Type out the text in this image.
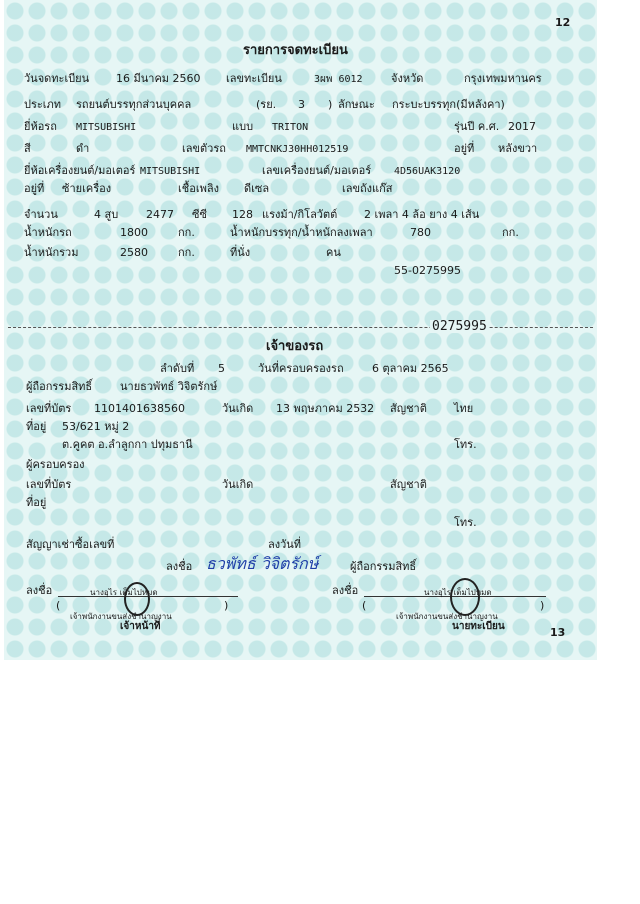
12
รายการจดทะเบียน
วันจดทะเบียน 16 มีนาคม 2560 เลขทะเบียน	3ผพ 6012	จังหวัด	กรุงเทพมหานคร
ประเภท รถยนต์บรรทุกส่วนบุคคล	(รย. 3 ) ลักษณะ กระบะบรรทุก(มีหลังคา)
ยี่ห้อรถ MITSUBISHI	แบบ TRITON	รุ่นปี ค.ศ. 2017
สี	ดำ	เลขตัวรถ MMTCNKJ30HH012519	อยู่ที่ หลังขวา
ยี่ห้อเครื่องยนต์/มอเตอร์ MITSUBISHI	เลขเครื่องยนต์/มอเตอร์ 4D56UAK3120
อยู่ที่ ซ้ายเครื่อง	เชื้อเพลิง ดีเซล	เลขถังแก๊ส
จำนวน	4 สูบ	2477 ซีซี 128 แรงม้า/กิโลวัตต์ 2 เพลา 4 ล้อ ยาง 4 เส้น
น้ำหนักรถ	1800	กก.	น้ำหนักบรรทุก/น้ำหนักลงเพลา	780	กก.
น้ำหนักรวม	2580	กก.	ที่นั่ง	คน
55-0275995
0275995
เจ้าของรถ
ลำดับที่ 5	วันที่ครอบครองรถ	6 ตุลาคม 2565
ผู้ถือกรรมสิทธิ์	นายธวพัทธ์ วิจิตรักษ์
เลขที่บัตร 1101401638560	วันเกิด 13 พฤษภาคม 2532 สัญชาติ ไทย
ที่อยู่ 53/621 หมู่ 2
ต.คูคต อ.ลำลูกกา ปทุมธานี	โทร.
ผู้ครอบครอง
เลขที่บัตร	วันเกิด	สัญชาติ
ที่อยู่
โทร.
สัญญาเช่าซื้อเลขที่	ลงวันที่
ลงชื่อ ธวพัทธ์ วิจิตรักษ์	ผู้ถือกรรมสิทธิ์
ลงชื่อ	นางอุไร เต็มไปหมด
(
เจ้าพนักงานขนส่งชำนาญงาน
)
เจ้าหน้าที่
ลงชื่อ	นางอุไร เต็มไปหมด
(
เจ้าพนักงานขนส่งชำนาญงาน
)
นายทะเบียน	13
